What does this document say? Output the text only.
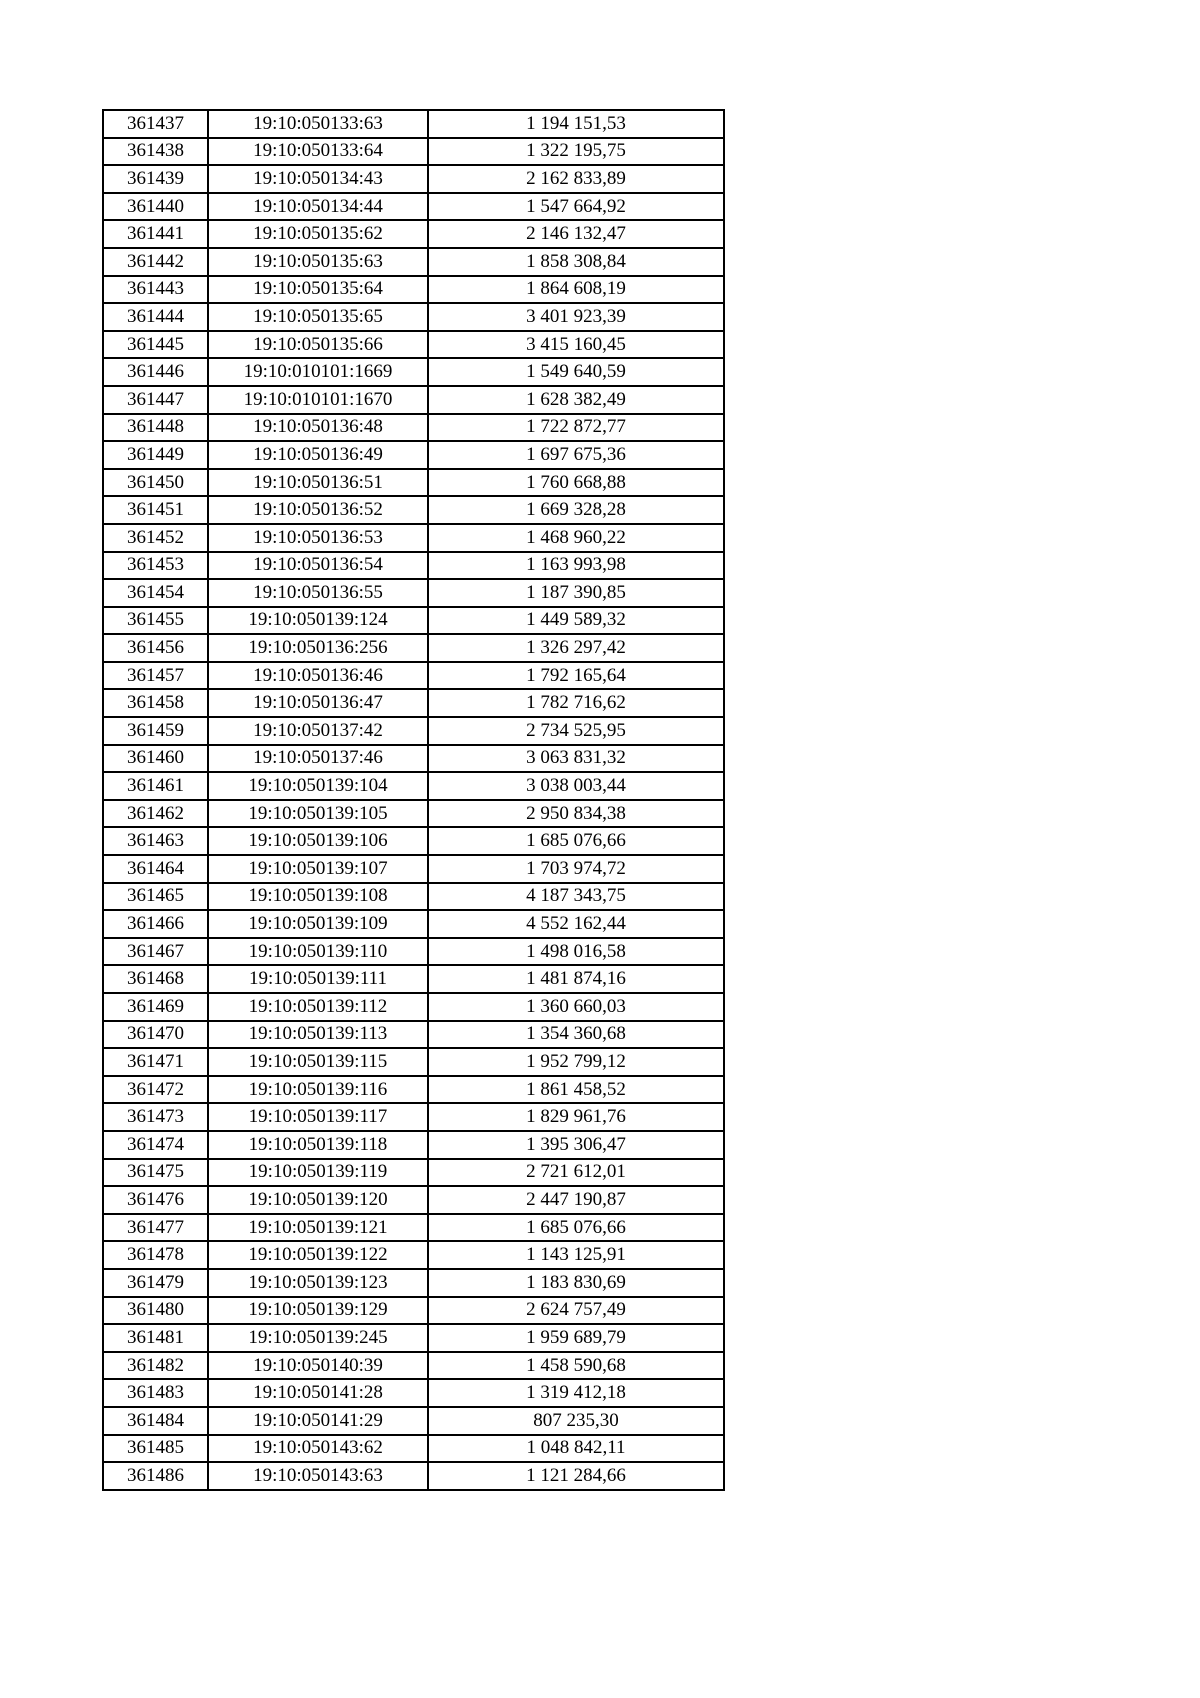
361437	19:10:050133:63	1 194 151,53
361438	19:10:050133:64	1 322 195,75
361439	19:10:050134:43	2 162 833,89
361440	19:10:050134:44	1 547 664,92
361441	19:10:050135:62	2 146 132,47
361442	19:10:050135:63	1 858 308,84
361443	19:10:050135:64	1 864 608,19
361444	19:10:050135:65	3 401 923,39
361445	19:10:050135:66	3 415 160,45
361446	19:10:010101:1669	1 549 640,59
361447	19:10:010101:1670	1 628 382,49
361448	19:10:050136:48	1 722 872,77
361449	19:10:050136:49	1 697 675,36
361450	19:10:050136:51	1 760 668,88
361451	19:10:050136:52	1 669 328,28
361452	19:10:050136:53	1 468 960,22
361453	19:10:050136:54	1 163 993,98
361454	19:10:050136:55	1 187 390,85
361455	19:10:050139:124	1 449 589,32
361456	19:10:050136:256	1 326 297,42
361457	19:10:050136:46	1 792 165,64
361458	19:10:050136:47	1 782 716,62
361459	19:10:050137:42	2 734 525,95
361460	19:10:050137:46	3 063 831,32
361461	19:10:050139:104	3 038 003,44
361462	19:10:050139:105	2 950 834,38
361463	19:10:050139:106	1 685 076,66
361464	19:10:050139:107	1 703 974,72
361465	19:10:050139:108	4 187 343,75
361466	19:10:050139:109	4 552 162,44
361467	19:10:050139:110	1 498 016,58
361468	19:10:050139:111	1 481 874,16
361469	19:10:050139:112	1 360 660,03
361470	19:10:050139:113	1 354 360,68
361471	19:10:050139:115	1 952 799,12
361472	19:10:050139:116	1 861 458,52
361473	19:10:050139:117	1 829 961,76
361474	19:10:050139:118	1 395 306,47
361475	19:10:050139:119	2 721 612,01
361476	19:10:050139:120	2 447 190,87
361477	19:10:050139:121	1 685 076,66
361478	19:10:050139:122	1 143 125,91
361479	19:10:050139:123	1 183 830,69
361480	19:10:050139:129	2 624 757,49
361481	19:10:050139:245	1 959 689,79
361482	19:10:050140:39	1 458 590,68
361483	19:10:050141:28	1 319 412,18
361484	19:10:050141:29	807 235,30
361485	19:10:050143:62	1 048 842,11
361486	19:10:050143:63	1 121 284,66
